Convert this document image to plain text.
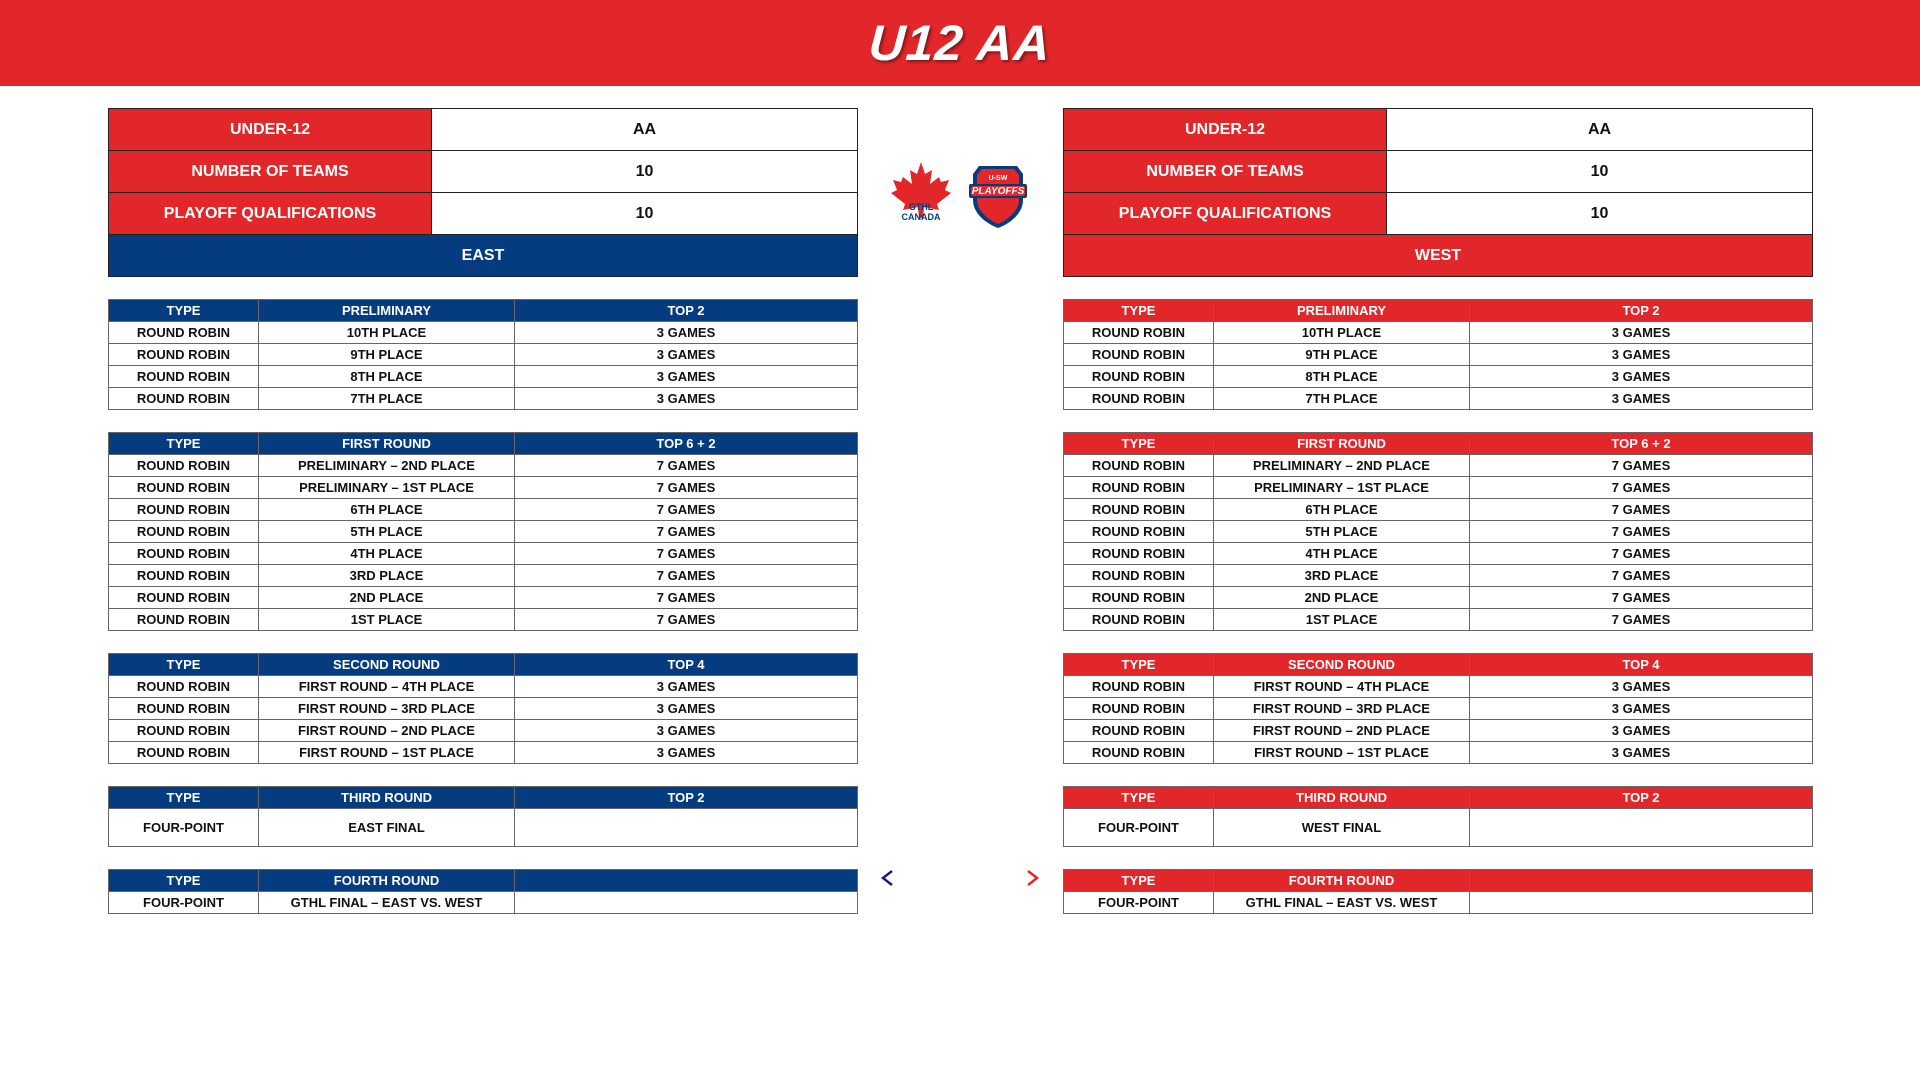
U12 AA
UNDER-12	AA
NUMBER OF TEAMS	10
PLAYOFF QUALIFICATIONS	10
EAST	
TYPE	PRELIMINARY	TOP 2
ROUND ROBIN	10TH PLACE	3 GAMES
ROUND ROBIN	9TH PLACE	3 GAMES
ROUND ROBIN	8TH PLACE	3 GAMES
ROUND ROBIN	7TH PLACE	3 GAMES
TYPE	FIRST ROUND	TOP 6 + 2
ROUND ROBIN	PRELIMINARY – 2ND PLACE	7 GAMES
ROUND ROBIN	PRELIMINARY – 1ST PLACE	7 GAMES
ROUND ROBIN	6TH PLACE	7 GAMES
ROUND ROBIN	5TH PLACE	7 GAMES
ROUND ROBIN	4TH PLACE	7 GAMES
ROUND ROBIN	3RD PLACE	7 GAMES
ROUND ROBIN	2ND PLACE	7 GAMES
ROUND ROBIN	1ST PLACE	7 GAMES
TYPE	SECOND ROUND	TOP 4
ROUND ROBIN	FIRST ROUND – 4TH PLACE	3 GAMES
ROUND ROBIN	FIRST ROUND – 3RD PLACE	3 GAMES
ROUND ROBIN	FIRST ROUND – 2ND PLACE	3 GAMES
ROUND ROBIN	FIRST ROUND – 1ST PLACE	3 GAMES
TYPE	THIRD ROUND	TOP 2
FOUR-POINT	EAST FINAL	
TYPE	FOURTH ROUND	
FOUR-POINT	GTHL FINAL – EAST VS. WEST	
UNDER-12	AA
NUMBER OF TEAMS	10
PLAYOFF QUALIFICATIONS	10
WEST	
TYPE	PRELIMINARY	TOP 2
ROUND ROBIN	10TH PLACE	3 GAMES
ROUND ROBIN	9TH PLACE	3 GAMES
ROUND ROBIN	8TH PLACE	3 GAMES
ROUND ROBIN	7TH PLACE	3 GAMES
TYPE	FIRST ROUND	TOP 6 + 2
ROUND ROBIN	PRELIMINARY – 2ND PLACE	7 GAMES
ROUND ROBIN	PRELIMINARY – 1ST PLACE	7 GAMES
ROUND ROBIN	6TH PLACE	7 GAMES
ROUND ROBIN	5TH PLACE	7 GAMES
ROUND ROBIN	4TH PLACE	7 GAMES
ROUND ROBIN	3RD PLACE	7 GAMES
ROUND ROBIN	2ND PLACE	7 GAMES
ROUND ROBIN	1ST PLACE	7 GAMES
TYPE	SECOND ROUND	TOP 4
ROUND ROBIN	FIRST ROUND – 4TH PLACE	3 GAMES
ROUND ROBIN	FIRST ROUND – 3RD PLACE	3 GAMES
ROUND ROBIN	FIRST ROUND – 2ND PLACE	3 GAMES
ROUND ROBIN	FIRST ROUND – 1ST PLACE	3 GAMES
TYPE	THIRD ROUND	TOP 2
FOUR-POINT	WEST FINAL	
TYPE	FOURTH ROUND	
FOUR-POINT	GTHL FINAL – EAST VS. WEST	
GTHL
CANADA
U-SW
PLAYOFFS
